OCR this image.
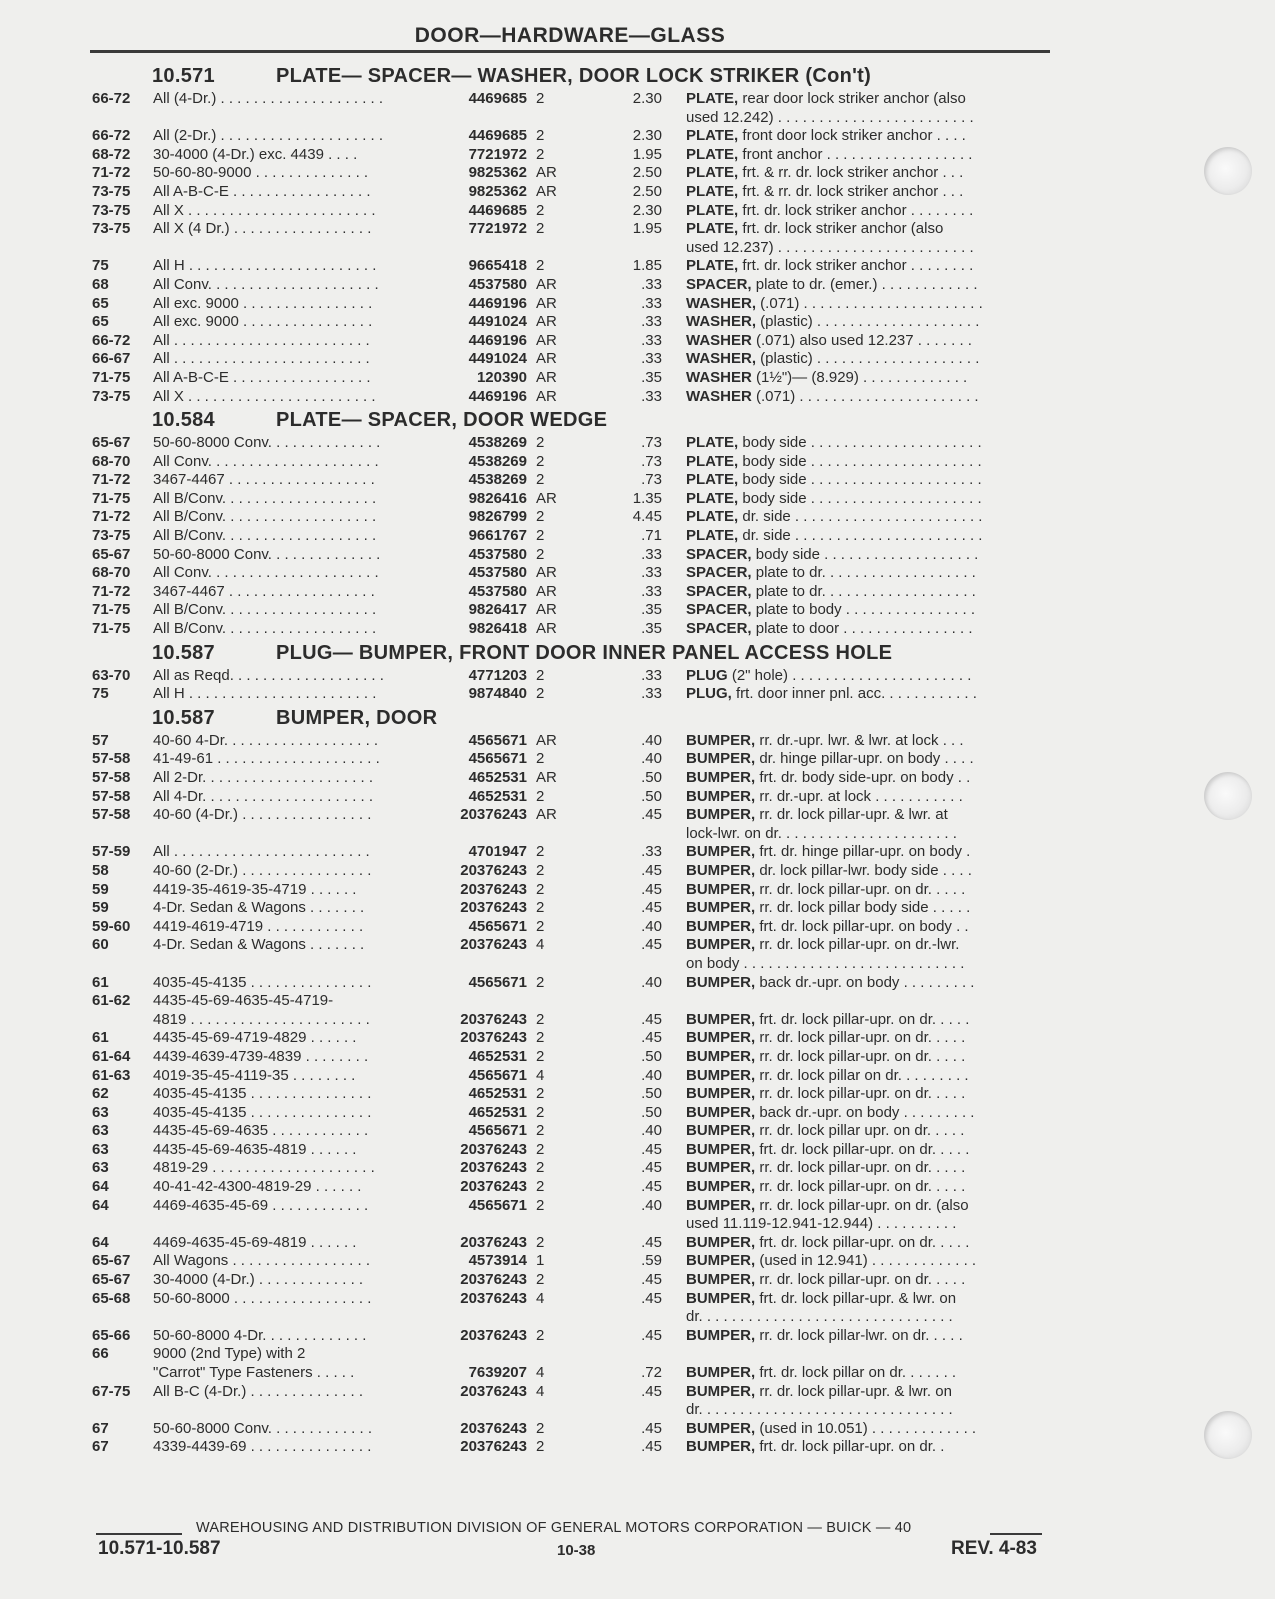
DOOR—HARDWARE—GLASS
10.571	PLATE— SPACER— WASHER, DOOR LOCK STRIKER (Con't)
66-72 All (4-Dr.) . . . . . . . . . . . . . . . . . . . .	4469685 2	2.30 PLATE, rear door lock striker anchor (also
used 12.242) . . . . . . . . . . . . . . . . . . . . . . . .
66-72 All (2-Dr.) . . . . . . . . . . . . . . . . . . . .	4469685 2	2.30 PLATE, front door lock striker anchor . . . .
68-72 30-4000 (4-Dr.) exc. 4439 . . . .	7721972 2	1.95 PLATE, front anchor . . . . . . . . . . . . . . . . . .
71-72 50-60-80-9000 . . . . . . . . . . . . . .	9825362 AR	2.50 PLATE, frt. & rr. dr. lock striker anchor . . .
73-75 All A-B-C-E . . . . . . . . . . . . . . . . .	9825362 AR	2.50 PLATE, frt. & rr. dr. lock striker anchor . . .
73-75 All X . . . . . . . . . . . . . . . . . . . . . . .	4469685 2	2.30 PLATE, frt. dr. lock striker anchor . . . . . . . .
73-75 All X (4 Dr.) . . . . . . . . . . . . . . . . .	7721972 2	1.95 PLATE, frt. dr. lock striker anchor (also
used 12.237) . . . . . . . . . . . . . . . . . . . . . . . .
75	All H . . . . . . . . . . . . . . . . . . . . . . .	9665418 2	1.85 PLATE, frt. dr. lock striker anchor . . . . . . . .
68	All Conv. . . . . . . . . . . . . . . . . . . . .	4537580 AR	.33 SPACER, plate to dr. (emer.) . . . . . . . . . . . .
65	All exc. 9000 . . . . . . . . . . . . . . . .	4469196 AR	.33 WASHER, (.071) . . . . . . . . . . . . . . . . . . . . . .
65	All exc. 9000 . . . . . . . . . . . . . . . .	4491024 AR	.33 WASHER, (plastic) . . . . . . . . . . . . . . . . . . . .
66-72 All . . . . . . . . . . . . . . . . . . . . . . . .	4469196 AR	.33 WASHER (.071) also used 12.237 . . . . . . .
66-67 All . . . . . . . . . . . . . . . . . . . . . . . .	4491024 AR	.33 WASHER, (plastic) . . . . . . . . . . . . . . . . . . . .
71-75 All A-B-C-E . . . . . . . . . . . . . . . . .	120390 AR	.35 WASHER (1½")— (8.929) . . . . . . . . . . . . .
73-75 All X . . . . . . . . . . . . . . . . . . . . . . .	4469196 AR	.33 WASHER (.071) . . . . . . . . . . . . . . . . . . . . . .
10.584	PLATE— SPACER, DOOR WEDGE
65-67 50-60-8000 Conv. . . . . . . . . . . . . .	4538269 2	.73 PLATE, body side . . . . . . . . . . . . . . . . . . . . .
68-70 All Conv. . . . . . . . . . . . . . . . . . . . .	4538269 2	.73 PLATE, body side . . . . . . . . . . . . . . . . . . . . .
71-72 3467-4467 . . . . . . . . . . . . . . . . . .	4538269 2	.73 PLATE, body side . . . . . . . . . . . . . . . . . . . . .
71-75 All B/Conv. . . . . . . . . . . . . . . . . . .	9826416 AR	1.35 PLATE, body side . . . . . . . . . . . . . . . . . . . . .
71-72 All B/Conv. . . . . . . . . . . . . . . . . . .	9826799 2	4.45 PLATE, dr. side . . . . . . . . . . . . . . . . . . . . . . .
73-75 All B/Conv. . . . . . . . . . . . . . . . . . .	9661767 2	.71 PLATE, dr. side . . . . . . . . . . . . . . . . . . . . . . .
65-67 50-60-8000 Conv. . . . . . . . . . . . . .	4537580 2	.33 SPACER, body side . . . . . . . . . . . . . . . . . . .
68-70 All Conv. . . . . . . . . . . . . . . . . . . . .	4537580 AR	.33 SPACER, plate to dr. . . . . . . . . . . . . . . . . . .
71-72 3467-4467 . . . . . . . . . . . . . . . . . .	4537580 AR	.33 SPACER, plate to dr. . . . . . . . . . . . . . . . . . .
71-75 All B/Conv. . . . . . . . . . . . . . . . . . .	9826417 AR	.35 SPACER, plate to body . . . . . . . . . . . . . . . .
71-75 All B/Conv. . . . . . . . . . . . . . . . . . .	9826418 AR	.35 SPACER, plate to door . . . . . . . . . . . . . . . .
10.587	PLUG— BUMPER, FRONT DOOR INNER PANEL ACCESS HOLE
63-70 All as Reqd. . . . . . . . . . . . . . . . . . .	4771203 2	.33 PLUG (2" hole) . . . . . . . . . . . . . . . . . . . . . .
75	All H . . . . . . . . . . . . . . . . . . . . . . .	9874840 2	.33 PLUG, frt. door inner pnl. acc. . . . . . . . . . . .
10.587	BUMPER, DOOR
57	40-60 4-Dr. . . . . . . . . . . . . . . . . . .	4565671 AR	.40 BUMPER, rr. dr.-upr. lwr. & lwr. at lock . . .
57-58 41-49-61 . . . . . . . . . . . . . . . . . . . .	4565671 2	.40 BUMPER, dr. hinge pillar-upr. on body . . . .
57-58 All 2-Dr. . . . . . . . . . . . . . . . . . . . .	4652531 AR	.50 BUMPER, frt. dr. body side-upr. on body . .
57-58 All 4-Dr. . . . . . . . . . . . . . . . . . . . .	4652531 2	.50 BUMPER, rr. dr.-upr. at lock . . . . . . . . . . .
57-58 40-60 (4-Dr.) . . . . . . . . . . . . . . . .	20376243 AR	.45 BUMPER, rr. dr. lock pillar-upr. & lwr. at
lock-lwr. on dr. . . . . . . . . . . . . . . . . . . . . .
57-59 All . . . . . . . . . . . . . . . . . . . . . . . .	4701947 2	.33 BUMPER, frt. dr. hinge pillar-upr. on body .
58	40-60 (2-Dr.) . . . . . . . . . . . . . . . .	20376243 2	.45 BUMPER, dr. lock pillar-lwr. body side . . . .
59	4419-35-4619-35-4719 . . . . . .	20376243 2	.45 BUMPER, rr. dr. lock pillar-upr. on dr. . . . .
59	4-Dr. Sedan & Wagons . . . . . . .	20376243 2	.45 BUMPER, rr. dr. lock pillar body side . . . . .
59-60 4419-4619-4719 . . . . . . . . . . . .	4565671 2	.40 BUMPER, frt. dr. lock pillar-upr. on body . .
60	4-Dr. Sedan & Wagons . . . . . . .	20376243 4	.45 BUMPER, rr. dr. lock pillar-upr. on dr.-lwr.
on body . . . . . . . . . . . . . . . . . . . . . . . . . . .
61	4035-45-4135 . . . . . . . . . . . . . . .	4565671 2	.40 BUMPER, back dr.-upr. on body . . . . . . . . .
61-62 4435-45-69-4635-45-4719-
4819 . . . . . . . . . . . . . . . . . . . . . .	20376243 2	.45 BUMPER, frt. dr. lock pillar-upr. on dr. . . . .
61	4435-45-69-4719-4829 . . . . . .	20376243 2	.45 BUMPER, rr. dr. lock pillar-upr. on dr. . . . .
61-64 4439-4639-4739-4839 . . . . . . . .	4652531 2	.50 BUMPER, rr. dr. lock pillar-upr. on dr. . . . .
61-63 4019-35-45-4119-35 . . . . . . . .	4565671 4	.40 BUMPER, rr. dr. lock pillar on dr. . . . . . . . .
62	4035-45-4135 . . . . . . . . . . . . . . .	4652531 2	.50 BUMPER, rr. dr. lock pillar-upr. on dr. . . . .
63	4035-45-4135 . . . . . . . . . . . . . . .	4652531 2	.50 BUMPER, back dr.-upr. on body . . . . . . . . .
63	4435-45-69-4635 . . . . . . . . . . . .	4565671 2	.40 BUMPER, rr. dr. lock pillar upr. on dr. . . . .
63	4435-45-69-4635-4819 . . . . . .	20376243 2	.45 BUMPER, frt. dr. lock pillar-upr. on dr. . . . .
63	4819-29 . . . . . . . . . . . . . . . . . . . .	20376243 2	.45 BUMPER, rr. dr. lock pillar-upr. on dr. . . . .
64	40-41-42-4300-4819-29 . . . . . .	20376243 2	.45 BUMPER, rr. dr. lock pillar-upr. on dr. . . . .
64	4469-4635-45-69 . . . . . . . . . . . .	4565671 2	.40 BUMPER, rr. dr. lock pillar-upr. on dr. (also
used 11.119-12.941-12.944) . . . . . . . . . .
64	4469-4635-45-69-4819 . . . . . .	20376243 2	.45 BUMPER, frt. dr. lock pillar-upr. on dr. . . . .
65-67 All Wagons . . . . . . . . . . . . . . . . .	4573914 1	.59 BUMPER, (used in 12.941) . . . . . . . . . . . . .
65-67 30-4000 (4-Dr.) . . . . . . . . . . . . .	20376243 2	.45 BUMPER, rr. dr. lock pillar-upr. on dr. . . . .
65-68 50-60-8000 . . . . . . . . . . . . . . . . .	20376243 4	.45 BUMPER, frt. dr. lock pillar-upr. & lwr. on
dr. . . . . . . . . . . . . . . . . . . . . . . . . . . . . . .
65-66 50-60-8000 4-Dr. . . . . . . . . . . . .	20376243 2	.45 BUMPER, rr. dr. lock pillar-lwr. on dr. . . . .
66	9000 (2nd Type) with 2
"Carrot" Type Fasteners . . . . .	7639207 4	.72 BUMPER, frt. dr. lock pillar on dr. . . . . . .
67-75 All B-C (4-Dr.) . . . . . . . . . . . . . .	20376243 4	.45 BUMPER, rr. dr. lock pillar-upr. & lwr. on
dr. . . . . . . . . . . . . . . . . . . . . . . . . . . . . . .
67	50-60-8000 Conv. . . . . . . . . . . . .	20376243 2	.45 BUMPER, (used in 10.051) . . . . . . . . . . . . .
67	4339-4439-69 . . . . . . . . . . . . . . .	20376243 2	.45 BUMPER, frt. dr. lock pillar-upr. on dr. .
WAREHOUSING AND DISTRIBUTION DIVISION OF GENERAL MOTORS CORPORATION — BUICK — 40
10.571-10.587	10-38	REV. 4-83
